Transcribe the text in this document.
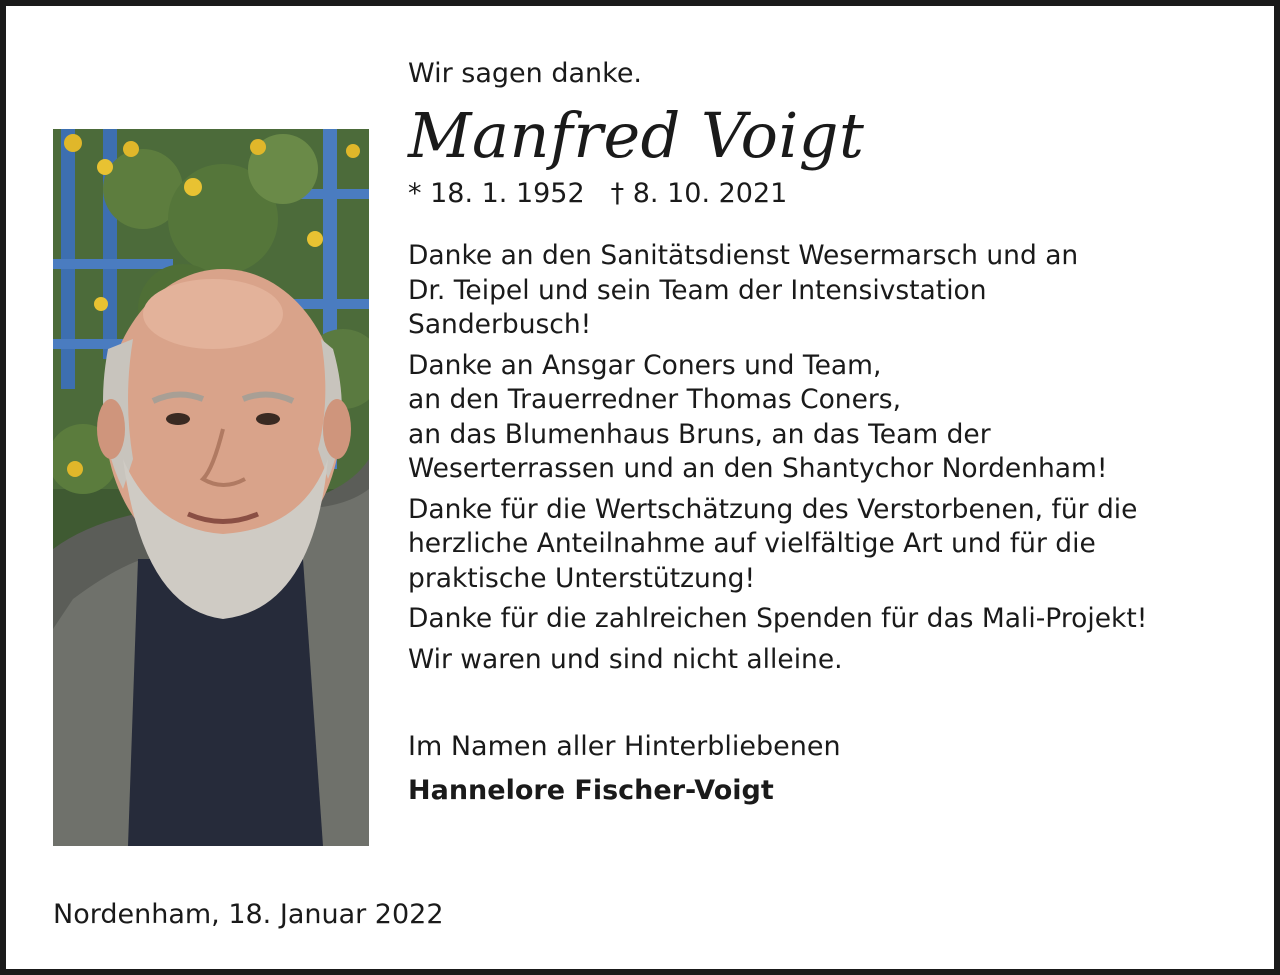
Wir sagen danke.

Manfred Voigt

* 18. 1. 1952 † 8. 10. 2021

Danke an den Sanitätsdienst Wesermarsch und an
Dr. Teipel und sein Team der Intensivstation
Sanderbusch!

Danke an Ansgar Coners und Team,
an den Trauerredner Thomas Coners,
an das Blumenhaus Bruns, an das Team der
Weserterrassen und an den Shantychor Nordenham!

Danke für die Wertschätzung des Verstorbenen, für die
herzliche Anteilnahme auf vielfältige Art und für die
praktische Unterstützung!

Danke für die zahlreichen Spenden für das Mali-Projekt!

Wir waren und sind nicht alleine.

Im Namen aller Hinterbliebenen

Hannelore Fischer-Voigt

Nordenham, 18. Januar 2022
